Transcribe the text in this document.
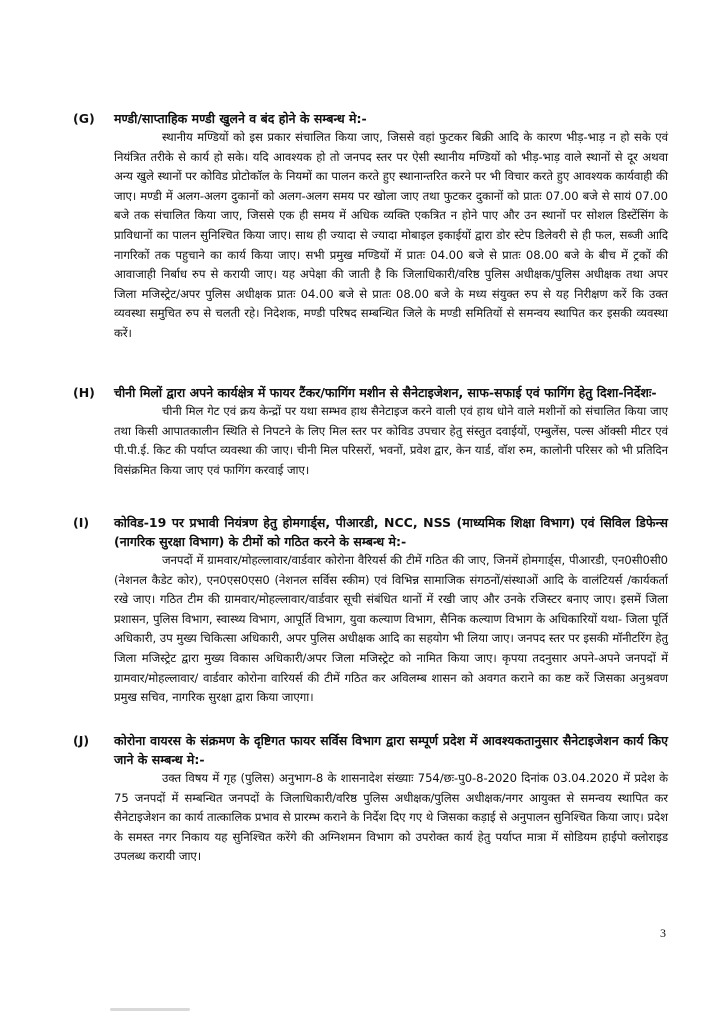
(G) मण्डी/साप्ताहिक मण्डी खुलने व बंद होने के सम्बन्ध मे:-
स्थानीय मण्डियों को इस प्रकार संचालित किया जाए, जिससे वहां फुटकर बिक्री आदि के कारण भीड़-भाड़ न हो सके एवं नियंत्रित तरीके से कार्य हो सके। यदि आवश्यक हो तो जनपद स्तर पर ऐसी स्थानीय मण्डियों को भीड़-भाड़ वाले स्थानों से दूर अथवा अन्य खुले स्थानों पर कोविड प्रोटोकॉल के नियमों का पालन करते हुए स्थानान्तरित करने पर भी विचार करते हुए आवश्यक कार्यवाही की जाए। मण्डी में अलग-अलग दुकानों को अलग-अलग समय पर खोला जाए तथा फुटकर दुकानों को प्रातः 07.00 बजे से सायं 07.00 बजे तक संचालित किया जाए, जिससे एक ही समय में अधिक व्यक्ति एकत्रित न होने पाए और उन स्थानों पर सोशल डिस्टेंसिंग के प्राविधानों का पालन सुनिश्चित किया जाए। साथ ही ज्यादा से ज्यादा मोबाइल इकाईयों द्वारा डोर स्टेप डिलेवरी से ही फल, सब्जी आदि नागरिकों तक पहुचाने का कार्य किया जाए। सभी प्रमुख मण्डियों में प्रातः 04.00 बजे से प्रातः 08.00 बजे के बीच में ट्रकों की आवाजाही निर्बाध रुप से करायी जाए। यह अपेक्षा की जाती है कि जिलाधिकारी/वरिष्ठ पुलिस अधीक्षक/पुलिस अधीक्षक तथा अपर जिला मजिस्ट्रेट/अपर पुलिस अधीक्षक प्रातः 04.00 बजे से प्रातः 08.00 बजे के मध्य संयुक्त रुप से यह निरीक्षण करें कि उक्त व्यवस्था समुचित रुप से चलती रहे। निदेशक, मण्डी परिषद सम्बन्धित जिले के मण्डी समितियों से समन्वय स्थापित कर इसकी व्यवस्था करें।
(H) चीनी मिलों द्वारा अपने कार्यक्षेत्र में फायर टैंकर/फागिंग मशीन से सैनेटाइजेशन, साफ-सफाई एवं फागिंग हेतु दिशा-निर्देशः-
चीनी मिल गेट एवं क्रय केन्द्रों पर यथा सम्भव हाथ सैनेटाइज करने वाली एवं हाथ धोने वाले मशीनों को संचालित किया जाए तथा किसी आपातकालीन स्थिति से निपटने के लिए मिल स्तर पर कोविड उपचार हेतु संस्तुत दवाईयों, एम्बुलेंस, पल्स ऑक्सी मीटर एवं पी.पी.ई. किट की पर्याप्त व्यवस्था की जाए। चीनी मिल परिसरों, भवनों, प्रवेश द्वार, केन यार्ड, वॉश रुम, कालोनी परिसर को भी प्रतिदिन विसंक्रमित किया जाए एवं फागिंग करवाई जाए।
(I) कोविड-19 पर प्रभावी नियंत्रण हेतु होमगार्ड्स, पीआरडी, NCC, NSS (माध्यमिक शिक्षा विभाग) एवं सिविल डिफेन्स (नागरिक सुरक्षा विभाग) के टीमों को गठित करने के सम्बन्ध मे:-
जनपदों में ग्रामवार/मोहल्लावार/वार्डवार कोरोना वैरियर्स की टीमें गठित की जाए, जिनमें होमगार्ड्स, पीआरडी, एन0सी0सी0 (नेशनल कैडेट कोर), एन0एस0एस0 (नेशनल सर्विस स्कीम) एवं विभिन्न सामाजिक संगठनों/संस्थाओं आदि के वालंटियर्स /कार्यकर्ता रखे जाए। गठित टीम की ग्रामवार/मोहल्लावार/वार्डवार सूची संबंधित थानों में रखी जाए और उनके रजिस्टर बनाए जाए। इसमें जिला प्रशासन, पुलिस विभाग, स्वास्थ्य विभाग, आपूर्ति विभाग, युवा कल्याण विभाग, सैनिक कल्याण विभाग के अधिकारियों यथा- जिला पूर्ति अधिकारी, उप मुख्य चिकित्सा अधिकारी, अपर पुलिस अधीक्षक आदि का सहयोग भी लिया जाए। जनपद स्तर पर इसकी मॉनीटरिंग हेतु जिला मजिस्ट्रेट द्वारा मुख्य विकास अधिकारी/अपर जिला मजिस्ट्रेट को नामित किया जाए। कृपया तदनुसार अपने-अपने जनपदों में ग्रामवार/मोहल्लावार/ वार्डवार कोरोना वारियर्स की टीमें गठित कर अविलम्ब शासन को अवगत कराने का कष्ट करें जिसका अनुश्रवण प्रमुख सचिव, नागरिक सुरक्षा द्वारा किया जाएगा।
(J) कोरोना वायरस के संक्रमण के दृष्टिगत फायर सर्विस विभाग द्वारा सम्पूर्ण प्रदेश में आवश्यकतानुसार सैनेटाइजेशन कार्य किए जाने के सम्बन्ध मे:-
उक्त विषय में गृह (पुलिस) अनुभाग-8 के शासनादेश संख्याः 754/छः-पु0-8-2020 दिनांक 03.04.2020 में प्रदेश के 75 जनपदों में सम्बन्धित जनपदों के जिलाधिकारी/वरिष्ठ पुलिस अधीक्षक/पुलिस अधीक्षक/नगर आयुक्त से समन्वय स्थापित कर सैनेटाइजेशन का कार्य तात्कालिक प्रभाव से प्रारम्भ कराने के निर्देश दिए गए थे जिसका कड़ाई से अनुपालन सुनिश्चित किया जाए। प्रदेश के समस्त नगर निकाय यह सुनिश्चित करेंगे की अग्निशमन विभाग को उपरोक्त कार्य हेतु पर्याप्त मात्रा में सोडियम हाईपो क्लोराइड उपलब्ध करायी जाए।
3
